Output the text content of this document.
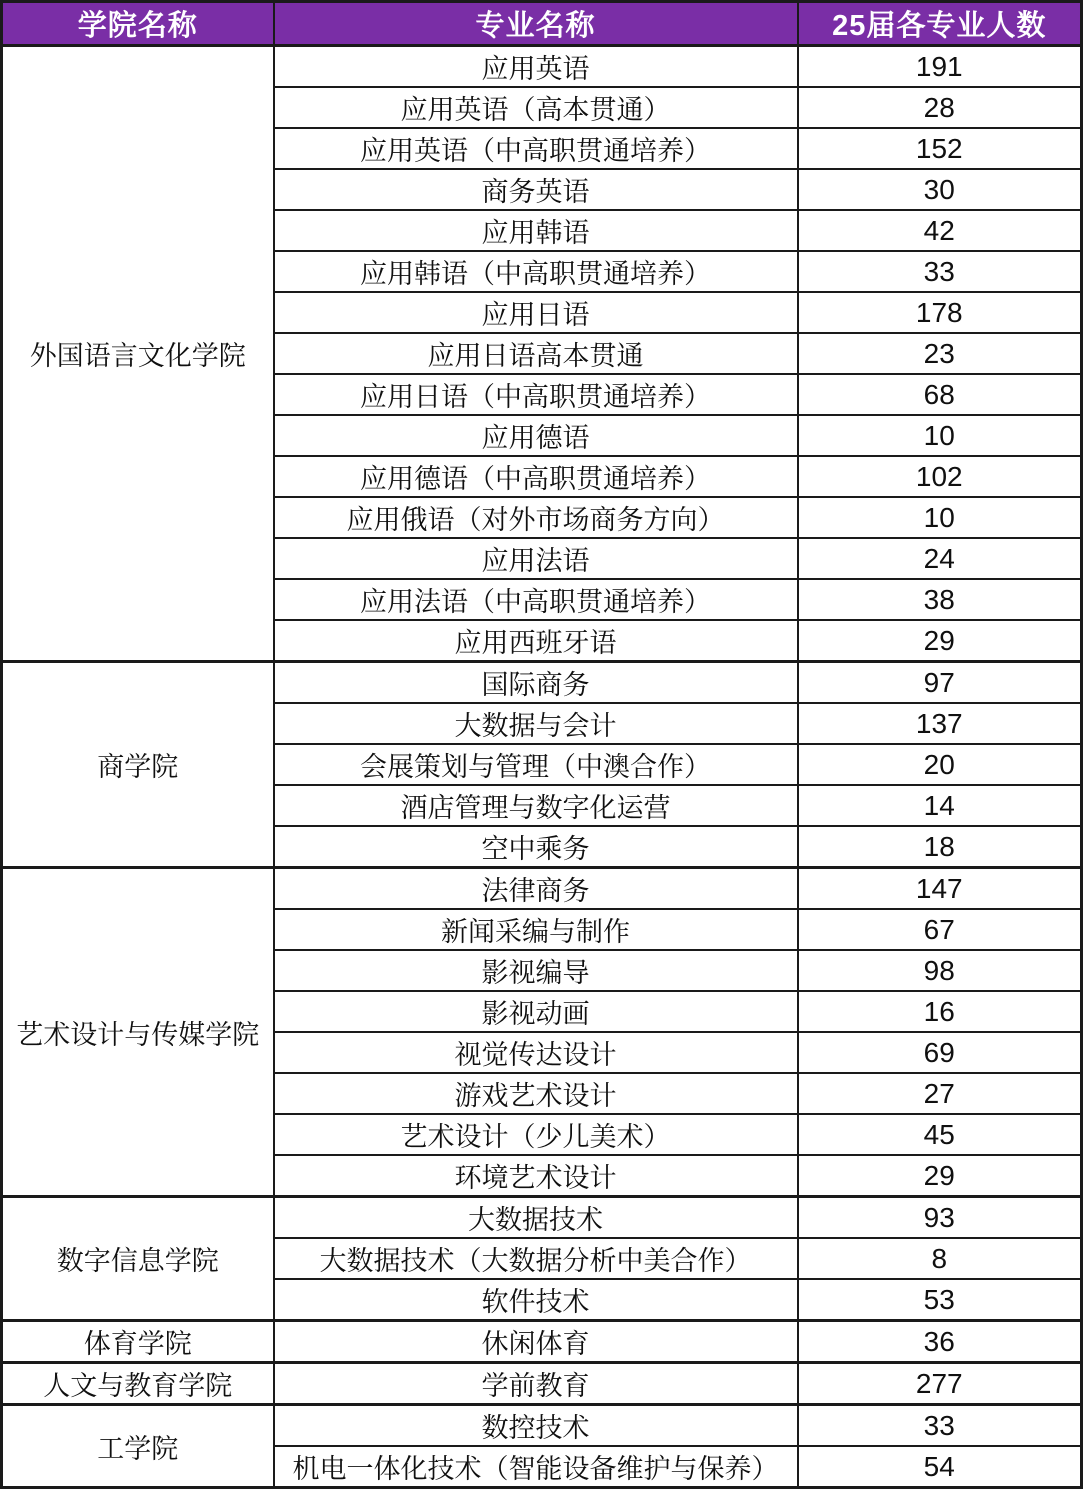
学院名称	专业名称	25届各专业人数
外国语言文化学院	应用英语	191
	应用英语（高本贯通）	28
	应用英语（中高职贯通培养）	152
	商务英语	30
	应用韩语	42
	应用韩语（中高职贯通培养）	33
	应用日语	178
	应用日语高本贯通	23
	应用日语（中高职贯通培养）	68
	应用德语	10
	应用德语（中高职贯通培养）	102
	应用俄语（对外市场商务方向）	10
	应用法语	24
	应用法语（中高职贯通培养）	38
	应用西班牙语	29
商学院	国际商务	97
	大数据与会计	137
	会展策划与管理（中澳合作）	20
	酒店管理与数字化运营	14
	空中乘务	18
艺术设计与传媒学院	法律商务	147
	新闻采编与制作	67
	影视编导	98
	影视动画	16
	视觉传达设计	69
	游戏艺术设计	27
	艺术设计（少儿美术）	45
	环境艺术设计	29
数字信息学院	大数据技术	93
	大数据技术（大数据分析中美合作）	8
	软件技术	53
体育学院	休闲体育	36
人文与教育学院	学前教育	277
工学院	数控技术	33
	机电一体化技术（智能设备维护与保养）	54
